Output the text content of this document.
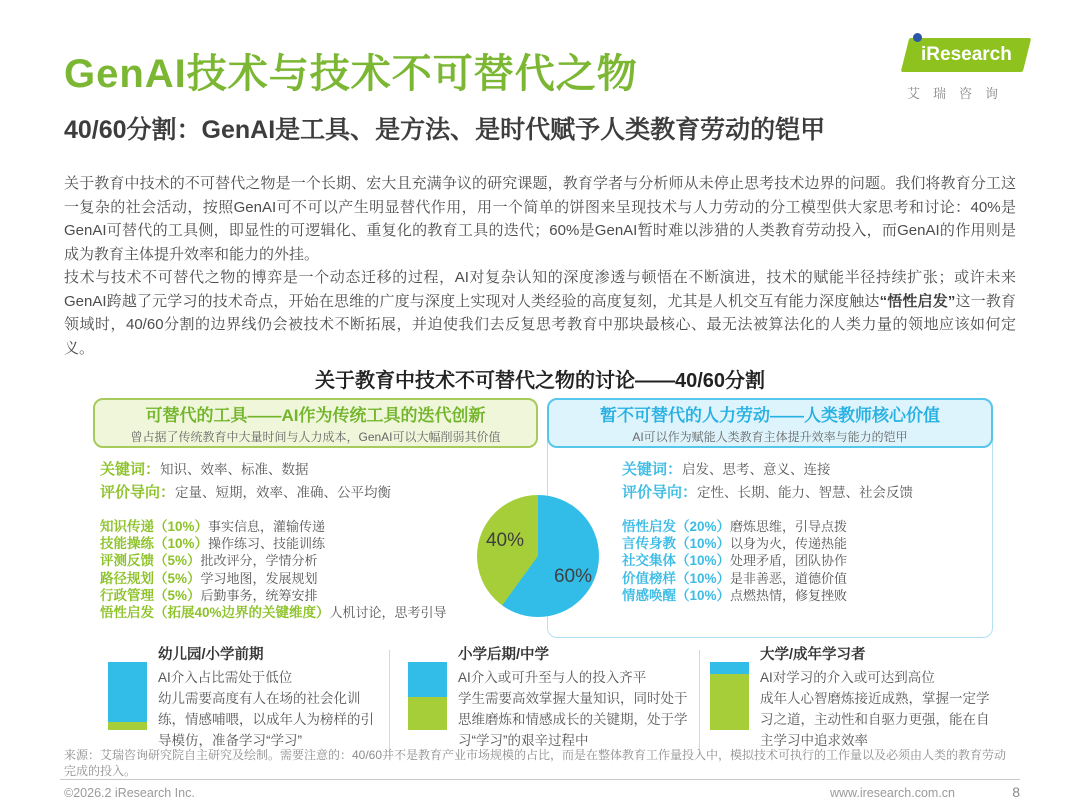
GenAI技术与技术不可替代之物
40/60分割：GenAI是工具、是方法、是时代赋予人类教育劳动的铠甲
iResearch
艾瑞咨询
关于教育中技术的不可替代之物是一个长期、宏大且充满争议的研究课题，教育学者与分析师从未停止思考技术边界的问题。我们将教育分工这一复杂的社会活动，按照GenAI可不可以产生明显替代作用，用一个简单的饼图来呈现技术与人力劳动的分工模型供大家思考和讨论：40%是GenAI可替代的工具侧，即显性的可逻辑化、重复化的教育工具的迭代；60%是GenAI暂时难以涉猎的人类教育劳动投入，而GenAI的作用则是成为教育主体提升效率和能力的外挂。
技术与技术不可替代之物的博弈是一个动态迁移的过程，AI对复杂认知的深度渗透与顿悟在不断演进，技术的赋能半径持续扩张；或许未来GenAI跨越了元学习的技术奇点，开始在思维的广度与深度上实现对人类经验的高度复刻，尤其是人机交互有能力深度触达“悟性启发”这一教育领域时，40/60分割的边界线仍会被技术不断拓展，并迫使我们去反复思考教育中那块最核心、最无法被算法化的人类力量的领地应该如何定义。
关于教育中技术不可替代之物的讨论——40/60分割
可替代的工具——AI作为传统工具的迭代创新
曾占据了传统教育中大量时间与人力成本，GenAI可以大幅削弱其价值
暂不可替代的人力劳动——人类教师核心价值
AI可以作为赋能人类教育主体提升效率与能力的铠甲
关键词：知识、效率、标准、数据
评价导向：定量、短期，效率、准确、公平均衡
关键词：启发、思考、意义、连接
评价导向：定性、长期、能力、智慧、社会反馈
知识传递（10%）事实信息，灌输传递
技能操练（10%）操作练习、技能训练
评测反馈（5%）批改评分，学情分析
路径规划（5%）学习地图，发展规划
行政管理（5%）后勤事务，统筹安排
悟性启发（拓展40%边界的关键维度）人机讨论，思考引导
悟性启发（20%）磨炼思维，引导点拨
言传身教（10%）以身为火，传递热能
社交集体（10%）处理矛盾，团队协作
价值榜样（10%）是非善恶，道德价值
情感唤醒（10%）点燃热情，修复挫败
40%
60%
幼儿园/小学前期
AI介入占比需处于低位
幼儿需要高度有人在场的社会化训练，情感哺喂，以成年人为榜样的引导模仿，准备学习“学习”
小学后期/中学
AI介入或可升至与人的投入齐平
学生需要高效掌握大量知识，同时处于思维磨炼和情感成长的关键期，处于学习“学习”的艰辛过程中
大学/成年学习者
AI对学习的介入或可达到高位
成年人心智磨炼接近成熟，掌握一定学习之道，主动性和自驱力更强，能在自主学习中追求效率
来源：艾瑞咨询研究院自主研究及绘制。需要注意的：40/60并不是教育产业市场规模的占比，而是在整体教育工作量投入中，模拟技术可执行的工作量以及必须由人类的教育劳动完成的投入。
©2026.2 iResearch Inc.	www.iresearch.com.cn	8
